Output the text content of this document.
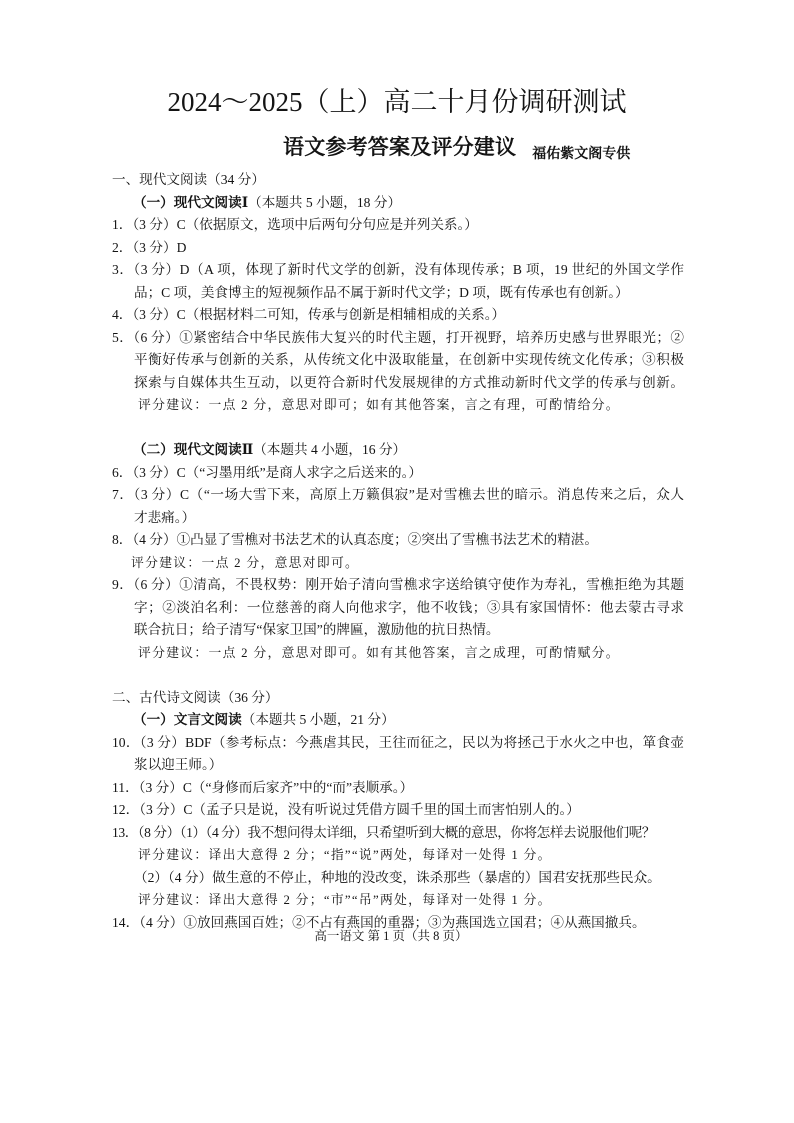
2024～2025（上）高二十月份调研测试
语文参考答案及评分建议 福佑紫文阁专供
一、现代文阅读（34 分）
（一）现代文阅读Ⅰ（本题共 5 小题，18 分）
1．（3 分）C（依据原文，选项中后两句分句应是并列关系。）
2．（3 分）D
3．（3 分）D（A 项，体现了新时代文学的创新，没有体现传承；B 项，19 世纪的外国文学作
品；C 项，美食博主的短视频作品不属于新时代文学；D 项，既有传承也有创新。）
4．（3 分）C（根据材料二可知，传承与创新是相辅相成的关系。）
5．（6 分）①紧密结合中华民族伟大复兴的时代主题，打开视野，培养历史感与世界眼光；②
平衡好传承与创新的关系，从传统文化中汲取能量，在创新中实现传统文化传承；③积极
探索与自媒体共生互动，以更符合新时代发展规律的方式推动新时代文学的传承与创新。
评分建议：一点 2 分，意思对即可；如有其他答案，言之有理，可酌情给分。
（二）现代文阅读Ⅱ（本题共 4 小题，16 分）
6．（3 分）C（“习墨用纸”是商人求字之后送来的。）
7．（3 分）C（“一场大雪下来，高原上万籁俱寂”是对雪樵去世的暗示。消息传来之后，众人
才悲痛。）
8．（4 分）①凸显了雪樵对书法艺术的认真态度；②突出了雪樵书法艺术的精湛。
评分建议：一点 2 分，意思对即可。
9．（6 分）①清高，不畏权势：刚开始子清向雪樵求字送给镇守使作为寿礼，雪樵拒绝为其题
字；②淡泊名利：一位慈善的商人向他求字，他不收钱；③具有家国情怀：他去蒙古寻求
联合抗日；给子清写“保家卫国”的牌匾，激励他的抗日热情。
评分建议：一点 2 分，意思对即可。如有其他答案，言之成理，可酌情赋分。
二、古代诗文阅读（36 分）
（一）文言文阅读（本题共 5 小题，21 分）
10．（3 分）BDF（参考标点：今燕虐其民，王往而征之，民以为将拯己于水火之中也，箪食壶
浆以迎王师。）
11．（3 分）C（“身修而后家齐”中的“而”表顺承。）
12．（3 分）C（孟子只是说，没有听说过凭借方圆千里的国土而害怕别人的。）
13．（8 分）（1）（4 分）我不想问得太详细，只希望听到大概的意思，你将怎样去说服他们呢？
评分建议：译出大意得 2 分；“指”“说”两处，每译对一处得 1 分。
（2）（4 分）做生意的不停止，种地的没改变，诛杀那些（暴虐的）国君安抚那些民众。
评分建议：译出大意得 2 分；“市”“吊”两处，每译对一处得 1 分。
14．（4 分）①放回燕国百姓；②不占有燕国的重器；③为燕国选立国君；④从燕国撤兵。
高一语文 第 1 页（共 8 页）
